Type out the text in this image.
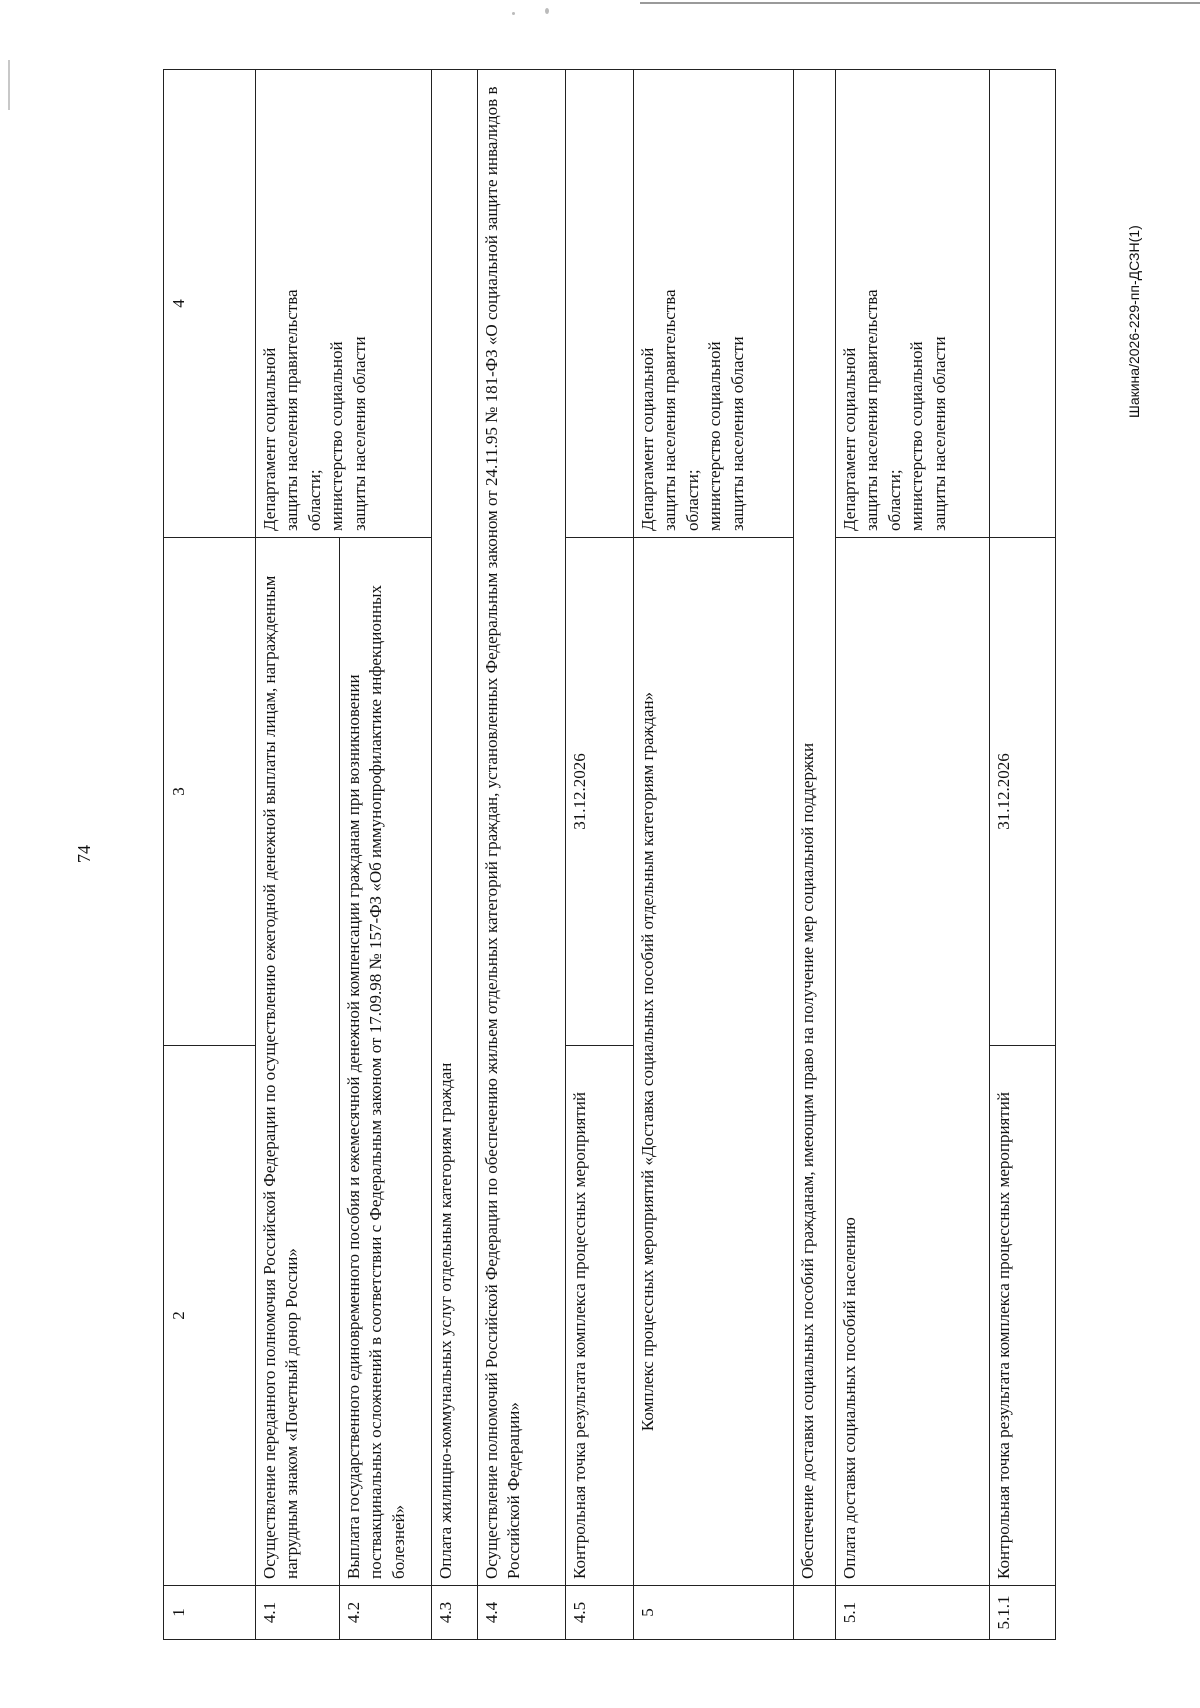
74
1	2	3	4
4.1	Осуществление переданного полномочия Российской Федерации по осуществлению ежегодной денежной выплаты лицам, награжденным нагрудным знаком «Почетный донор России»		Департамент социальной
защиты населения правительства
области;
министерство социальной
защиты населения области
4.2	Выплата государственного единовременного пособия и ежемесячной денежной компенсации гражданам при возникновении поствакцинальных осложнений в соответствии с Федеральным законом от 17.09.98 № 157-ФЗ «Об иммунопрофилактике инфекционных болезней»		
4.3	Оплата жилищно-коммунальных услуг отдельным категориям граждан		
4.4	Осуществление полномочий Российской Федерации по обеспечению жильем отдельных категорий граждан, установленных Федеральным законом от 24.11.95 № 181-ФЗ «О социальной защите инвалидов в Российской Федерации»		
4.5	Контрольная точка результата комплекса процессных мероприятий	31.12.2026	
5	Комплекс процессных мероприятий «Доставка социальных пособий отдельным категориям граждан»		Департамент социальной
защиты населения правительства
области;
министерство социальной
защиты населения области
	Обеспечение доставки социальных пособий гражданам, имеющим право на получение мер социальной поддержки		
5.1	Оплата доставки социальных пособий населению		Департамент социальной
защиты населения правительства
области;
министерство социальной
защиты населения области
5.1.1	Контрольная точка результата комплекса процессных мероприятий	31.12.2026	
Шакина/2026-229-пп-ДСЗН(1)
